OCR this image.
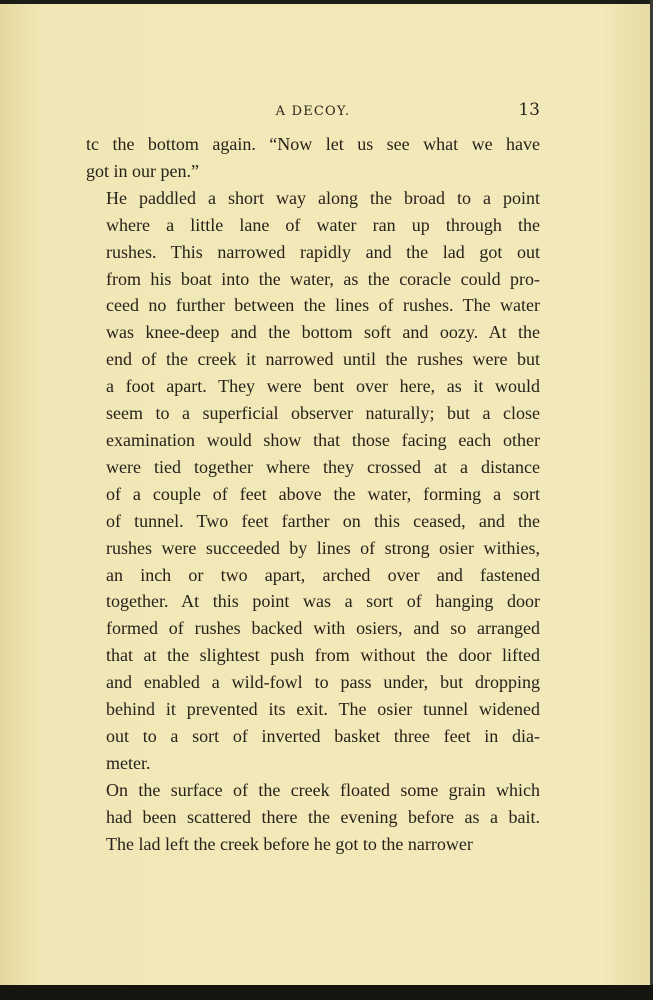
A DECOY.	13
tc the bottom again. “Now let us see what we have
got in our pen.”
He paddled a short way along the broad to a point
where a little lane of water ran up through the
rushes. This narrowed rapidly and the lad got out
from his boat into the water, as the coracle could pro-
ceed no further between the lines of rushes. The water
was knee-deep and the bottom soft and oozy. At the
end of the creek it narrowed until the rushes were but
a foot apart. They were bent over here, as it would
seem to a superficial observer naturally; but a close
examination would show that those facing each other
were tied together where they crossed at a distance
of a couple of feet above the water, forming a sort
of tunnel. Two feet farther on this ceased, and the
rushes were succeeded by lines of strong osier withies,
an inch or two apart, arched over and fastened
together. At this point was a sort of hanging door
formed of rushes backed with osiers, and so arranged
that at the slightest push from without the door lifted
and enabled a wild-fowl to pass under, but dropping
behind it prevented its exit. The osier tunnel widened
out to a sort of inverted basket three feet in dia-
meter.
On the surface of the creek floated some grain which
had been scattered there the evening before as a bait.
The lad left the creek before he got to the narrower
